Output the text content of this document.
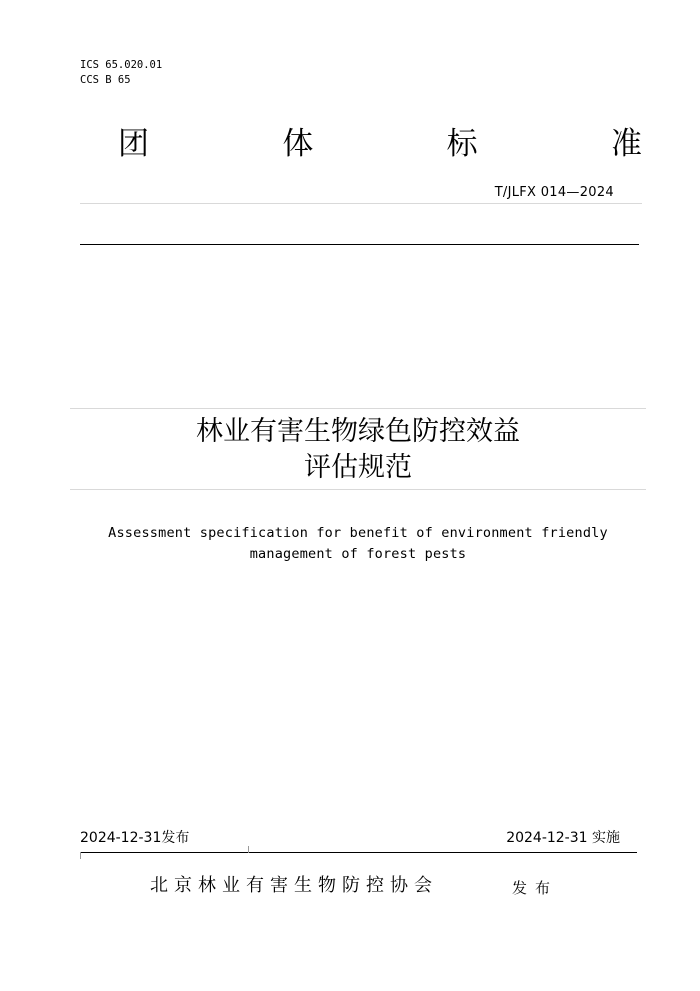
ICS 65.020.01
CCS B 65
团	体	标	准
T/JLFX 014—2024
林业有害生物绿色防控效益
评估规范
Assessment specification for benefit of environment friendly
management of forest pests
2024-12-31发布	2024-12-31 实施
北京林业有害生物防控协会	发布
